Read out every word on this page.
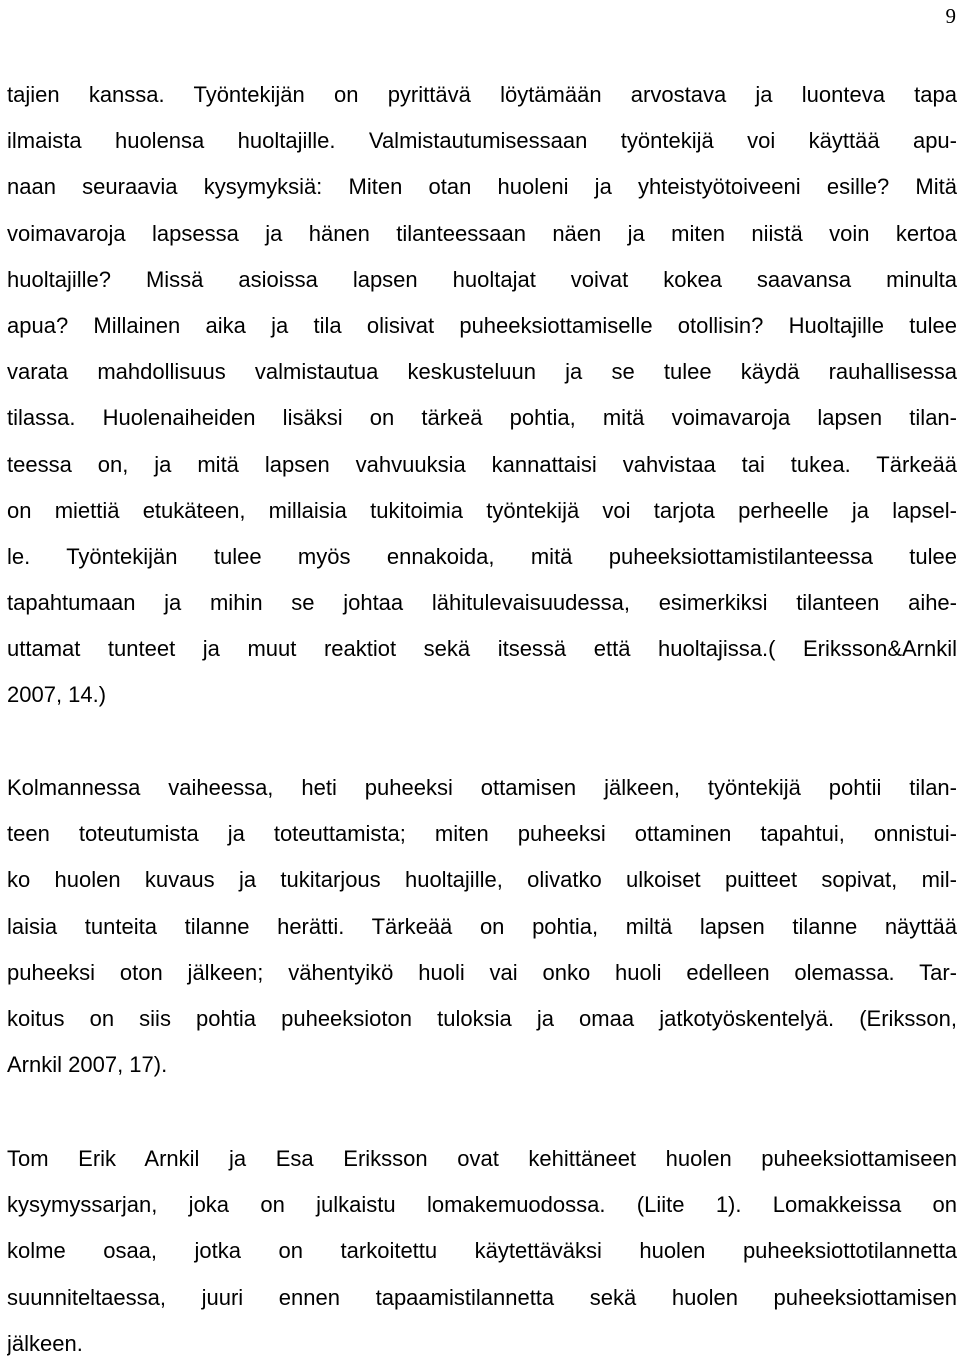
9
tajien kanssa. Työntekijän on pyrittävä löytämään arvostava ja luonteva tapa
ilmaista huolensa huoltajille. Valmistautumisessaan työntekijä voi käyttää apu-
naan seuraavia kysymyksiä: Miten otan huoleni ja yhteistyötoiveeni esille? Mitä
voimavaroja lapsessa ja hänen tilanteessaan näen ja miten niistä voin kertoa
huoltajille? Missä asioissa lapsen huoltajat voivat kokea saavansa minulta
apua? Millainen aika ja tila olisivat puheeksiottamiselle otollisin? Huoltajille tulee
varata mahdollisuus valmistautua keskusteluun ja se tulee käydä rauhallisessa
tilassa. Huolenaiheiden lisäksi on tärkeä pohtia, mitä voimavaroja lapsen tilan-
teessa on, ja mitä lapsen vahvuuksia kannattaisi vahvistaa tai tukea. Tärkeää
on miettiä etukäteen, millaisia tukitoimia työntekijä voi tarjota perheelle ja lapsel-
le. Työntekijän tulee myös ennakoida, mitä puheeksiottamistilanteessa tulee
tapahtumaan ja mihin se johtaa lähitulevaisuudessa, esimerkiksi tilanteen aihe-
uttamat tunteet ja muut reaktiot sekä itsessä että huoltajissa.( Eriksson&Arnkil
2007, 14.)
Kolmannessa vaiheessa, heti puheeksi ottamisen jälkeen, työntekijä pohtii tilan-
teen toteutumista ja toteuttamista; miten puheeksi ottaminen tapahtui, onnistui-
ko huolen kuvaus ja tukitarjous huoltajille, olivatko ulkoiset puitteet sopivat, mil-
laisia tunteita tilanne herätti. Tärkeää on pohtia, miltä lapsen tilanne näyttää
puheeksi oton jälkeen; vähentyikö huoli vai onko huoli edelleen olemassa. Tar-
koitus on siis pohtia puheeksioton tuloksia ja omaa jatkotyöskentelyä. (Eriksson,
Arnkil 2007, 17).
Tom Erik Arnkil ja Esa Eriksson ovat kehittäneet huolen puheeksiottamiseen
kysymyssarjan, joka on julkaistu lomakemuodossa. (Liite 1). Lomakkeissa on
kolme osaa, jotka on tarkoitettu käytettäväksi huolen puheeksiottotilannetta
suunniteltaessa, juuri ennen tapaamistilannetta sekä huolen puheeksiottamisen
jälkeen.
